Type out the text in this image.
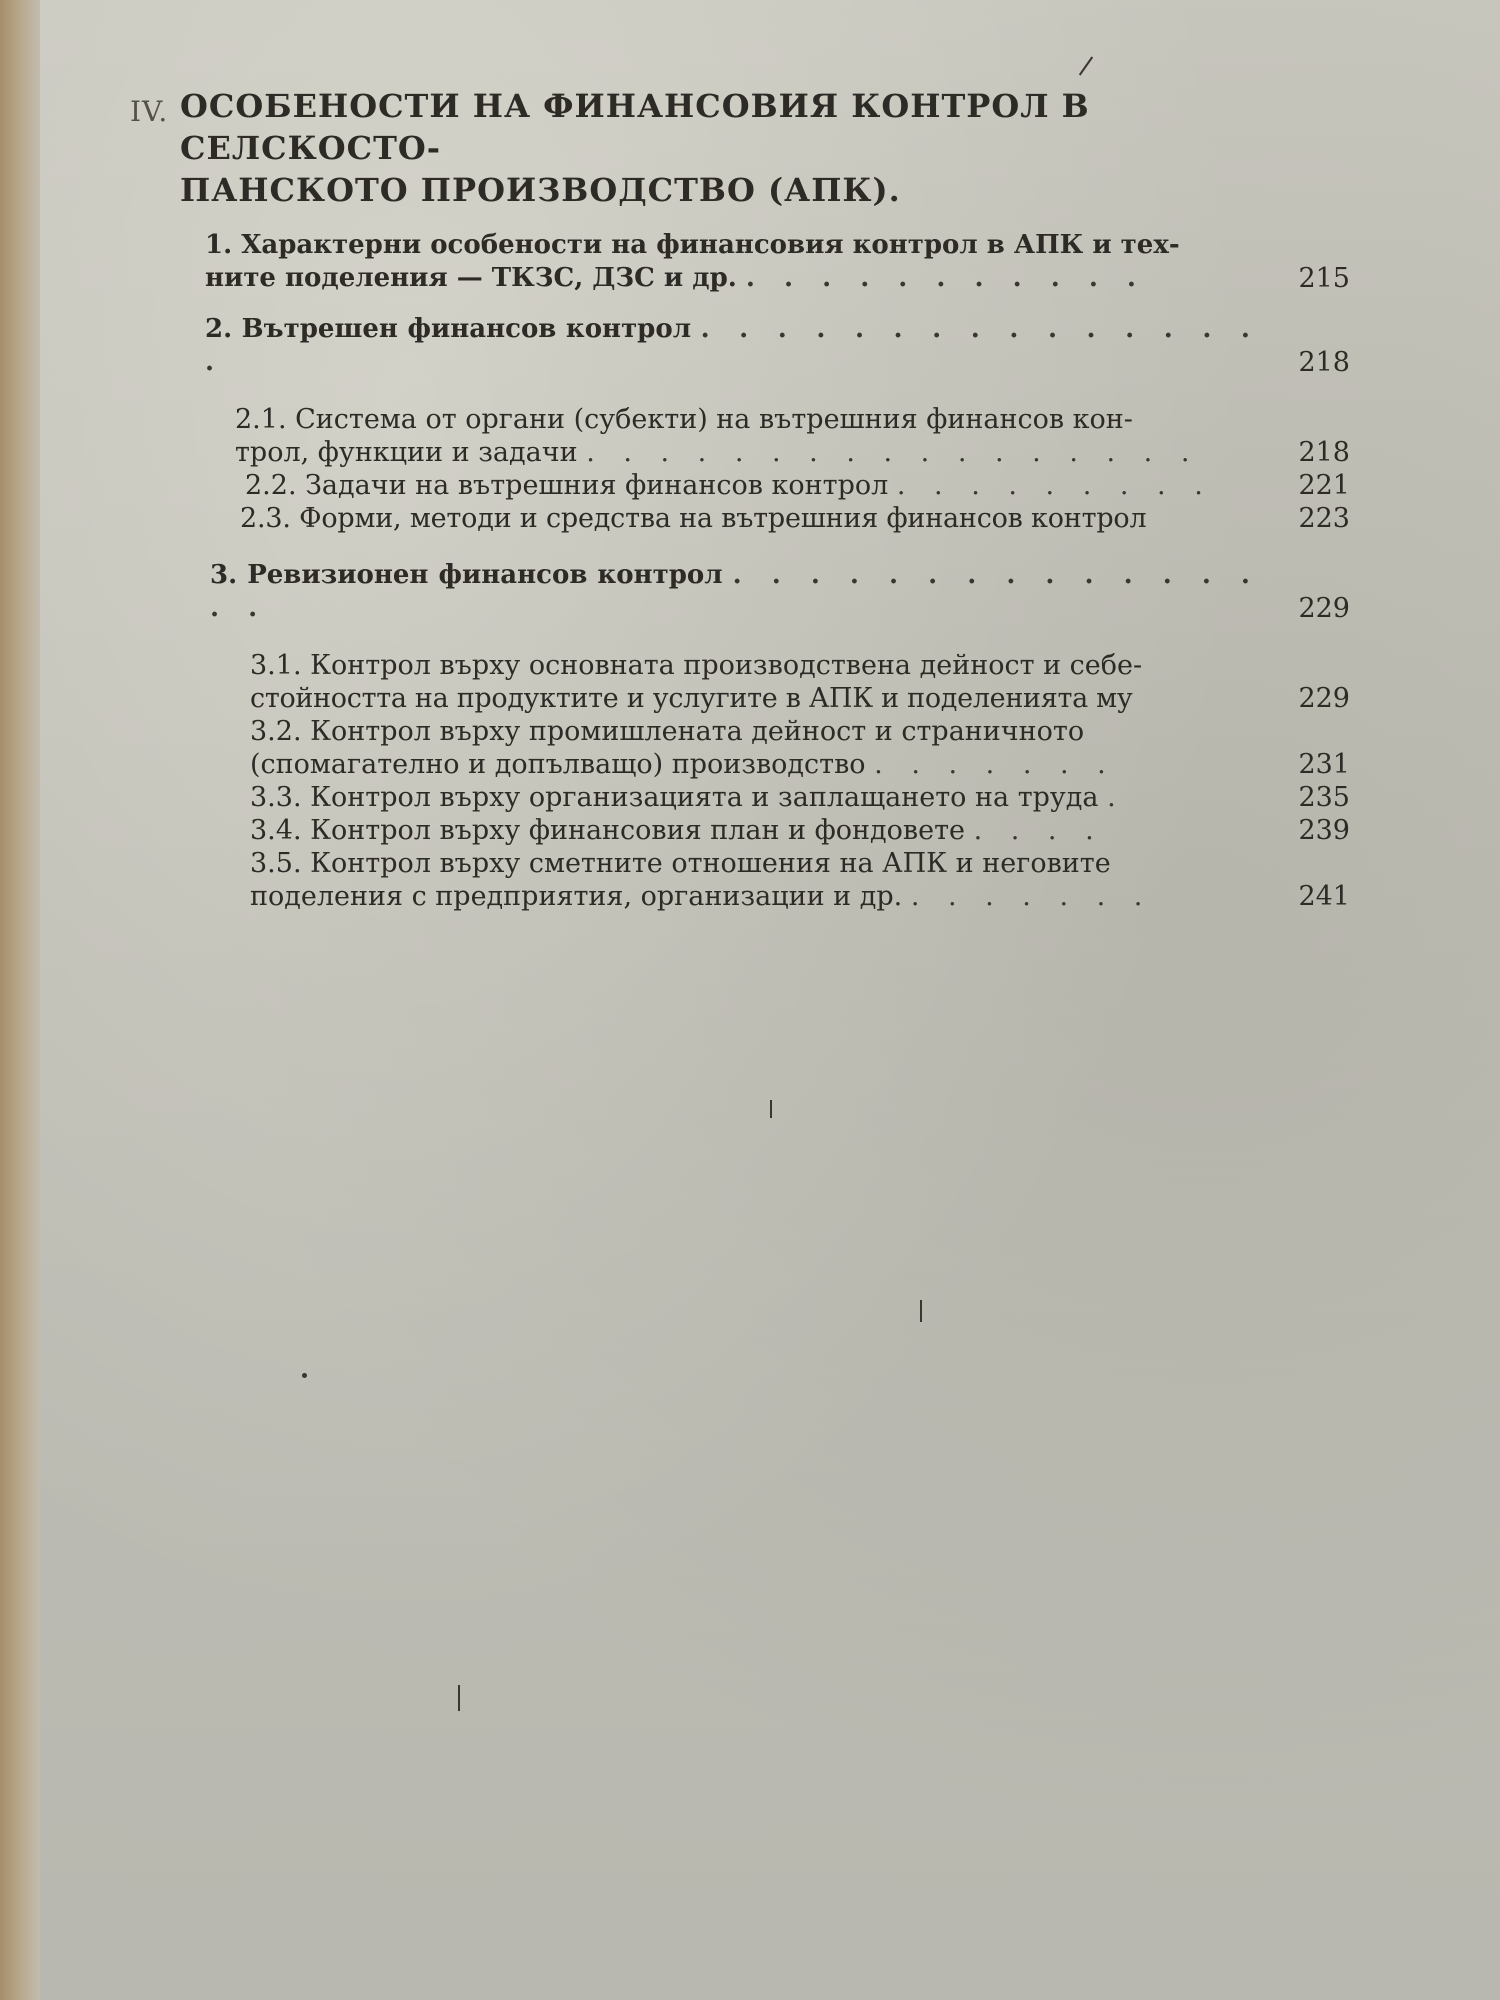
IV. ОСОБЕНОСТИ НА ФИНАНСОВИЯ КОНТРОЛ В СЕЛСКОСТО-
ПАНСКОТО ПРОИЗВОДСТВО (АПК).
1. Характерни особености на финансовия контрол в АПК и тех-
ните поделения — ТКЗС, ДЗС и др. . . . . . . . . . . .	215
2. Вътрешен финансов контрол . . . . . . . . . . . . . . . .	218
2.1. Система от органи (субекти) на вътрешния финансов кон-
трол, функции и задачи . . . . . . . . . . . . . . . . .	218
2.2. Задачи на вътрешния финансов контрол . . . . . . . . .	221
2.3. Форми, методи и средства на вътрешния финансов контрол	223
3. Ревизионен финансов контрол . . . . . . . . . . . . . . . .	229
3.1. Контрол върху основната производствена дейност и себе-
стойността на продуктите и услугите в АПК и поделенията му	229
3.2. Контрол върху промишлената дейност и страничното
(спомагателно и допълващо) производство . . . . . . .	231
3.3. Контрол върху организацията и заплащането на труда .	235
3.4. Контрол върху финансовия план и фондовете . . . .	239
3.5. Контрол върху сметните отношения на АПК и неговите
поделения с предприятия, организации и др. . . . . . . .	241
